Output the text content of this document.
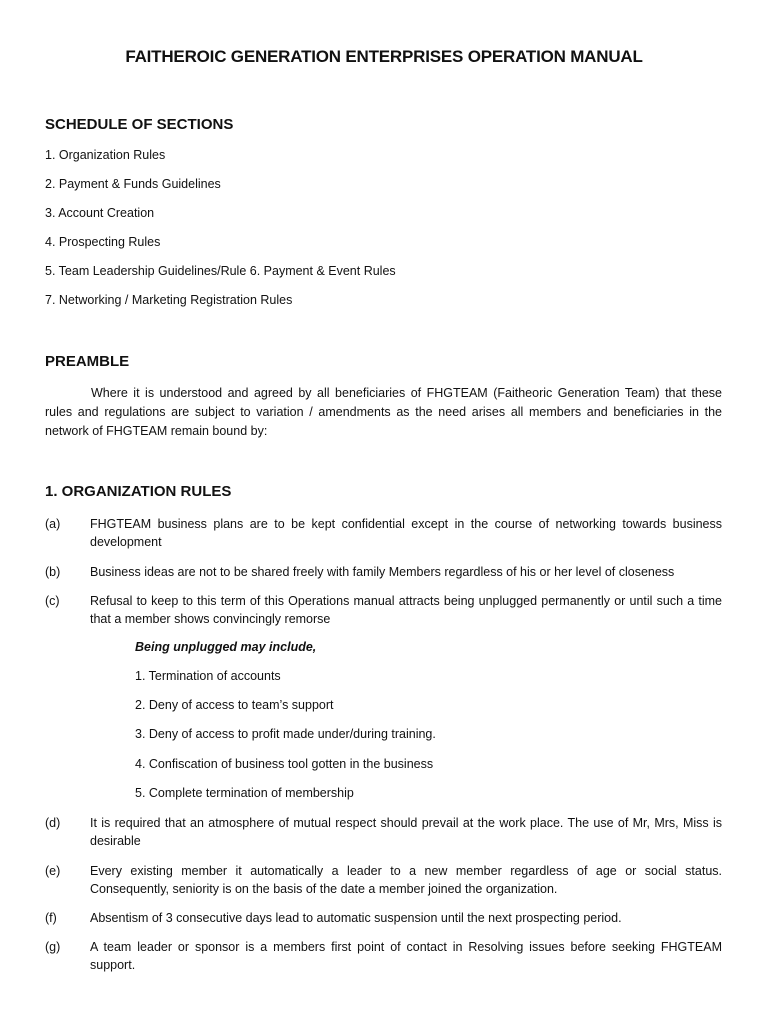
FAITHEROIC GENERATION ENTERPRISES OPERATION MANUAL
SCHEDULE OF SECTIONS
1. Organization Rules
2. Payment & Funds Guidelines
3. Account Creation
4. Prospecting Rules
5. Team Leadership Guidelines/Rule 6. Payment & Event Rules
7. Networking / Marketing Registration Rules
PREAMBLE
Where it is understood and agreed by all beneficiaries of FHGTEAM (Faitheoric Generation Team) that these rules and regulations are subject to variation / amendments as the need arises all members and beneficiaries in the network of FHGTEAM remain bound by:
1. ORGANIZATION RULES
(a) FHGTEAM business plans are to be kept confidential except in the course of networking towards business development
(b) Business ideas are not to be shared freely with family Members regardless of his or her level of closeness
(c) Refusal to keep to this term of this Operations manual attracts being unplugged permanently or until such a time that a member shows convincingly remorse
Being unplugged may include,
1. Termination of accounts
2. Deny of access to team’s support
3. Deny of access to profit made under/during training.
4. Confiscation of business tool gotten in the business
5. Complete termination of membership
(d) It is required that an atmosphere of mutual respect should prevail at the work place. The use of Mr, Mrs, Miss is desirable
(e) Every existing member it automatically a leader to a new member regardless of age or social status. Consequently, seniority is on the basis of the date a member joined the organization.
(f)	Absentism of 3 consecutive days lead to automatic suspension until the next prospecting period.
(g) A team leader or sponsor is a members first point of contact in Resolving issues before seeking FHGTEAM support.
